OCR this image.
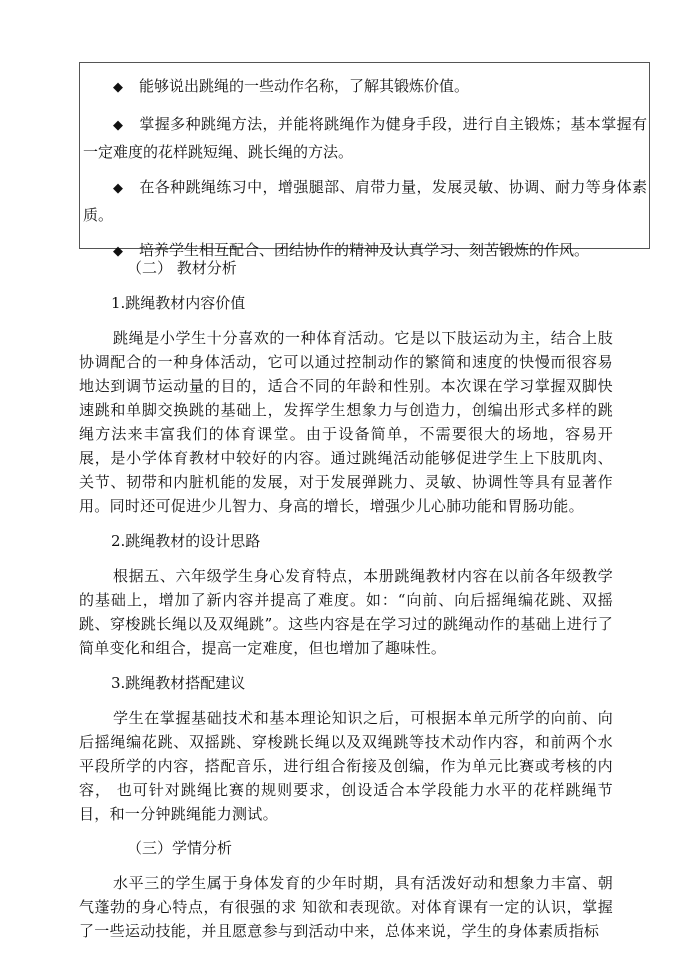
◆ 能够说出跳绳的一些动作名称，了解其锻炼价值。

◆ 掌握多种跳绳方法，并能将跳绳作为健身手段，进行自主锻炼；基本掌握有一定难度的花样跳短绳、跳长绳的方法。

◆ 在各种跳绳练习中，增强腿部、肩带力量，发展灵敏、协调、耐力等身体素质。

◆ 培养学生相互配合、团结协作的精神及认真学习、刻苦锻炼的作风。

（二） 教材分析

1.跳绳教材内容价值

跳绳是小学生十分喜欢的一种体育活动。它是以下肢运动为主，结合上肢协调配合的一种身体活动，它可以通过控制动作的繁简和速度的快慢而很容易地达到调节运动量的目的，适合不同的年龄和性别。本次课在学习掌握双脚快速跳和单脚交换跳的基础上，发挥学生想象力与创造力，创编出形式多样的跳绳方法来丰富我们的体育课堂。由于设备简单，不需要很大的场地，容易开展，是小学体育教材中较好的内容。通过跳绳活动能够促进学生上下肢肌肉、关节、韧带和内脏机能的发展，对于发展弹跳力、灵敏、协调性等具有显著作用。同时还可促进少儿智力、身高的增长，增强少儿心肺功能和胃肠功能。

2.跳绳教材的设计思路

根据五、六年级学生身心发育特点，本册跳绳教材内容在以前各年级教学的基础上，增加了新内容并提高了难度。如：“向前、向后摇绳编花跳、双摇跳、穿梭跳长绳以及双绳跳”。这些内容是在学习过的跳绳动作的基础上进行了简单变化和组合，提高一定难度，但也增加了趣味性。

3.跳绳教材搭配建议

学生在掌握基础技术和基本理论知识之后，可根据本单元所学的向前、向后摇绳编花跳、双摇跳、穿梭跳长绳以及双绳跳等技术动作内容，和前两个水平段所学的内容，搭配音乐，进行组合衔接及创编，作为单元比赛或考核的内容， 也可针对跳绳比赛的规则要求，创设适合本学段能力水平的花样跳绳节目，和一分钟跳绳能力测试。

（三）学情分析

水平三的学生属于身体发育的少年时期，具有活泼好动和想象力丰富、朝气蓬勃的身心特点，有很强的求 知欲和表现欲。对体育课有一定的认识，掌握了一些运动技能，并且愿意参与到活动中来，总体来说，学生的身体素质指标
